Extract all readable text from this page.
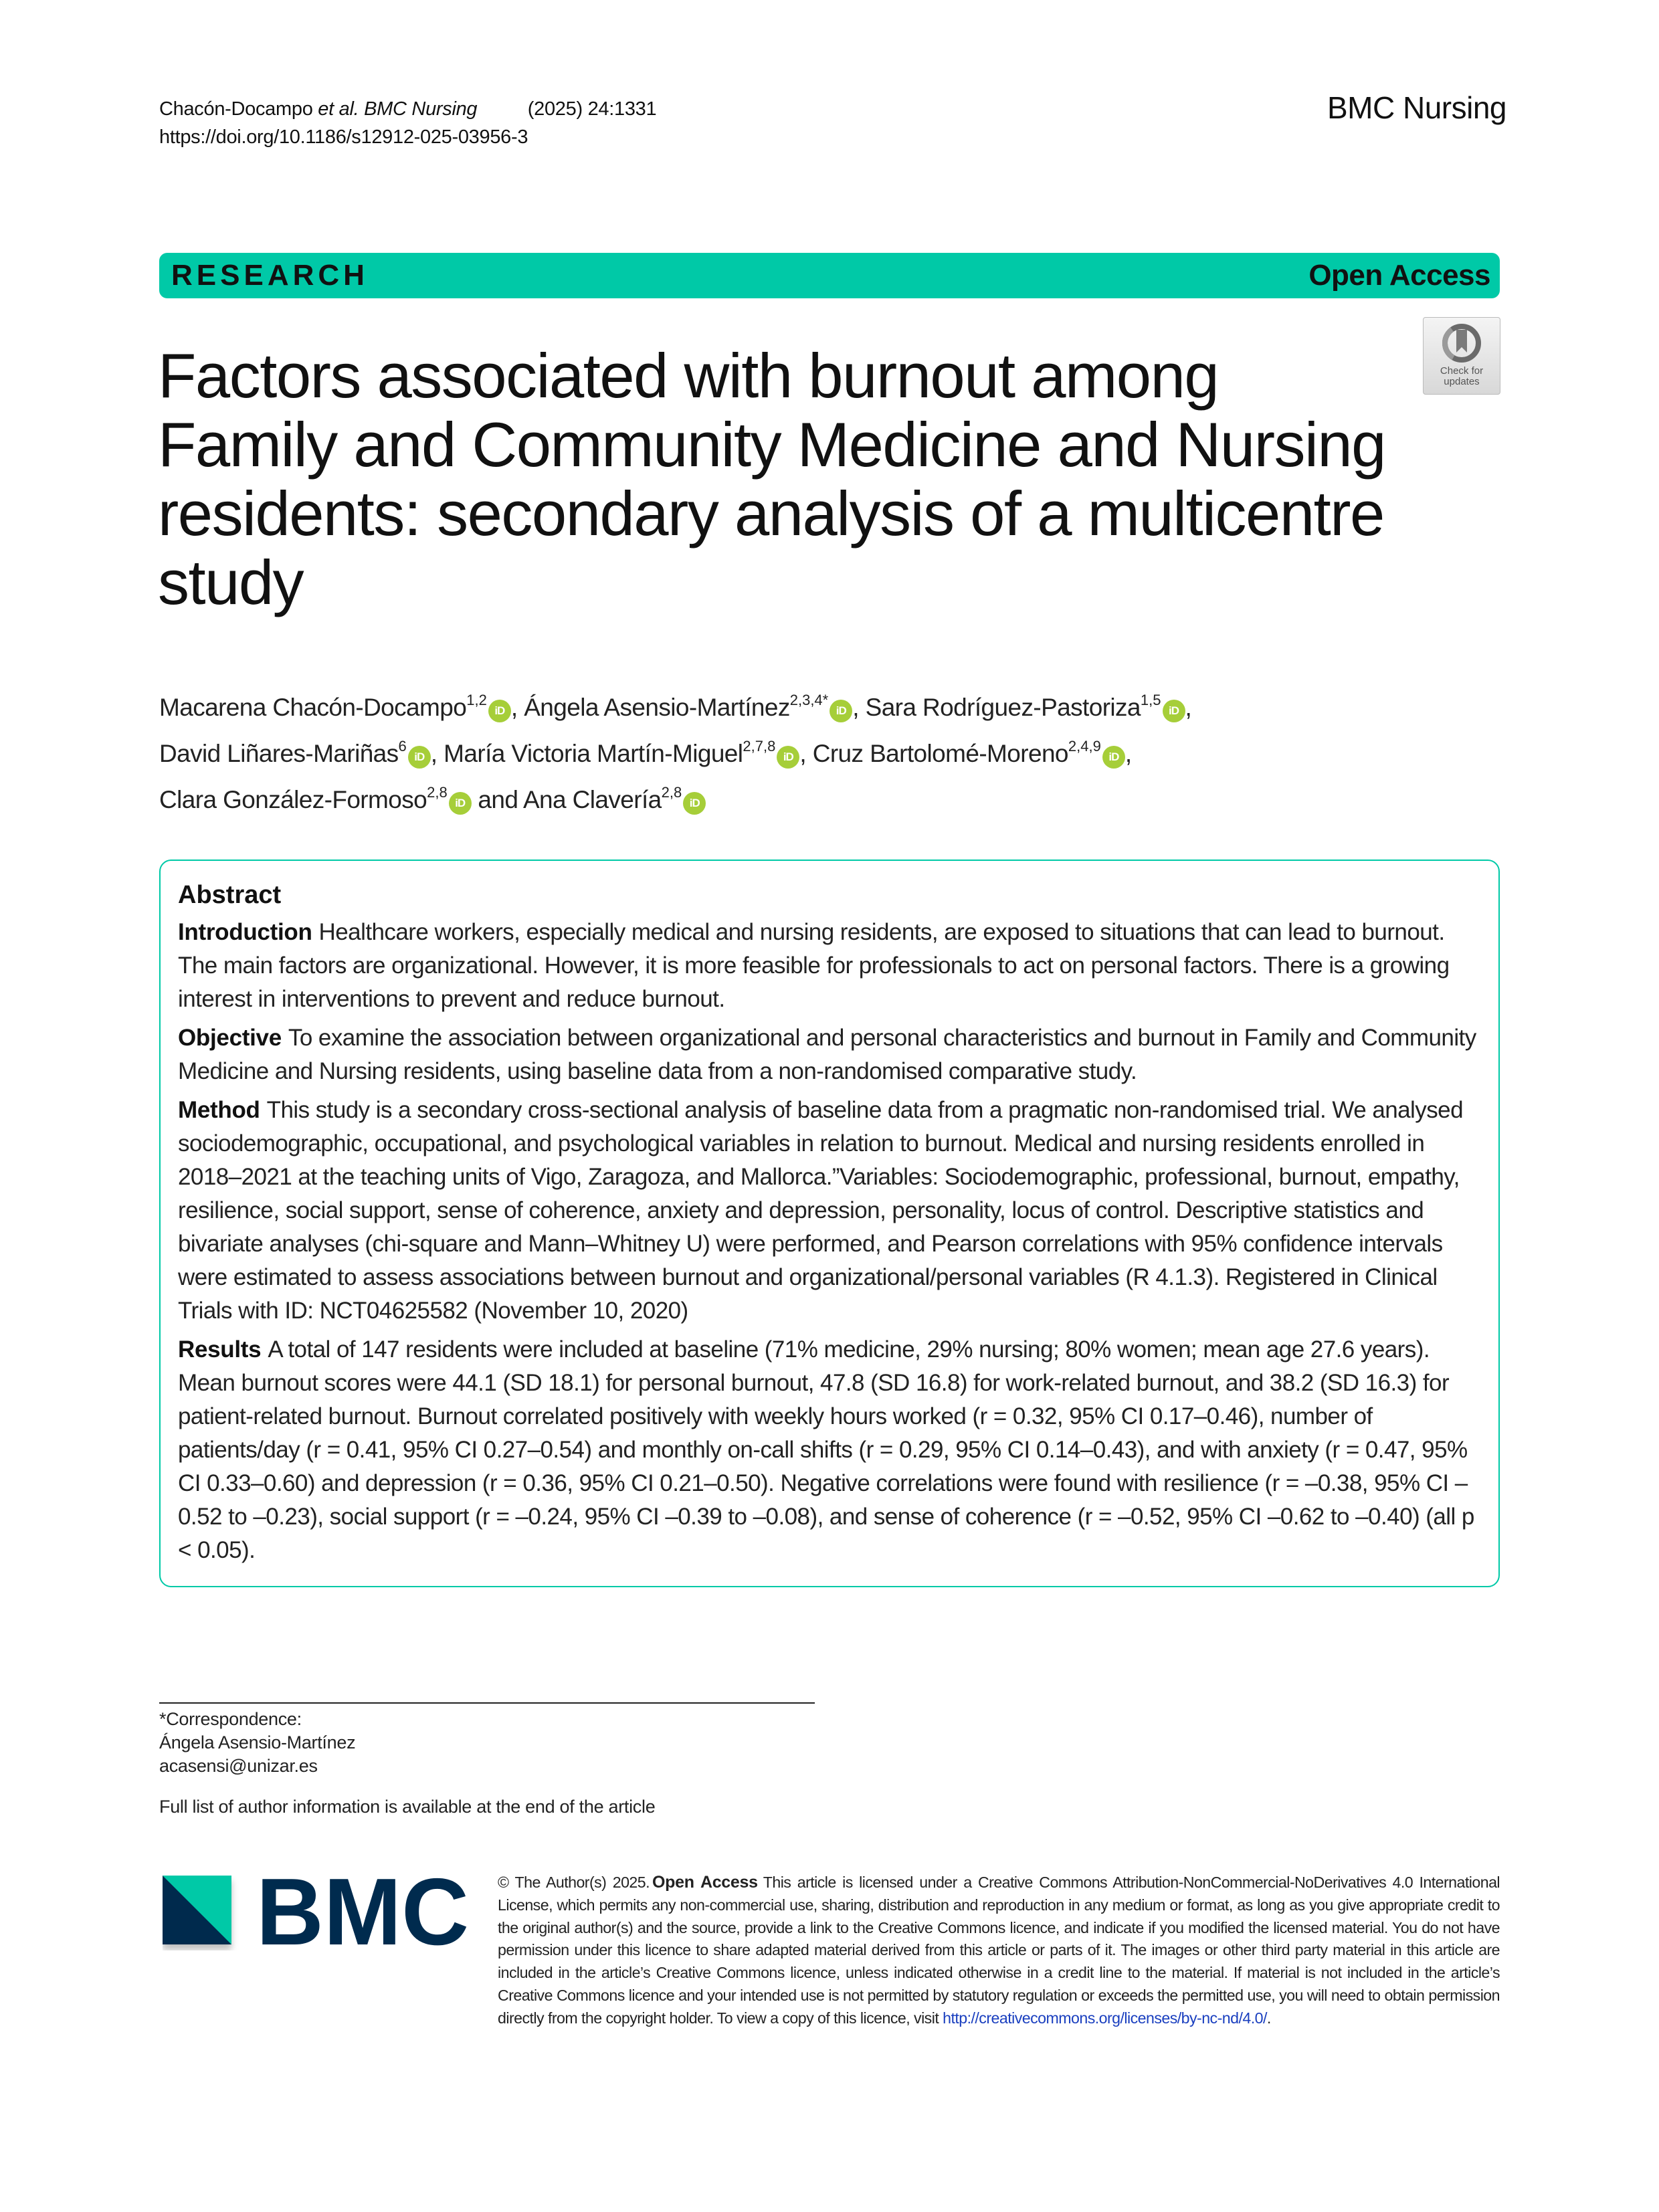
Chacón-Docampo et al. BMC Nursing	(2025) 24:1331
https://doi.org/10.1186/s12912-025-03956-3
BMC Nursing
RESEARCH	Open Access
Check for
updates
Factors associated with burnout among
Family and Community Medicine and Nursing
residents: secondary analysis of a multicentre
study
Macarena Chacón-Docampo$^{1,2}$iD , Ángela Asensio-Martínez$^{2,3,4*}$iD , Sara Rodríguez-Pastoriza$^{1,5}$iD ,
David Liñares-Mariñas$^6$iD , María Victoria Martín-Miguel$^{2,7,8}$iD , Cruz Bartolomé-Moreno$^{2,4,9}$iD ,
Clara González-Formoso$^{2,8}$iD and Ana Clavería$^{2,8}$iD
Abstract
Introduction Healthcare workers, especially medical and nursing residents, are exposed to situations that can lead to burnout. The main factors are organizational. However, it is more feasible for professionals to act on personal factors. There is a growing interest in interventions to prevent and reduce burnout.
Objective To examine the association between organizational and personal characteristics and burnout in Family and Community Medicine and Nursing residents, using baseline data from a non-randomised comparative study.
Method This study is a secondary cross-sectional analysis of baseline data from a pragmatic non-randomised trial. We analysed sociodemographic, occupational, and psychological variables in relation to burnout. Medical and nursing residents enrolled in 2018–2021 at the teaching units of Vigo, Zaragoza, and Mallorca.”Variables: Sociodemographic, professional, burnout, empathy, resilience, social support, sense of coherence, anxiety and depression, personality, locus of control. Descriptive statistics and bivariate analyses (chi-square and Mann–Whitney U) were performed, and Pearson correlations with 95% confidence intervals were estimated to assess associations between burnout and organizational/personal variables (R 4.1.3). Registered in Clinical Trials with ID: NCT04625582 (November 10, 2020)
Results A total of 147 residents were included at baseline (71% medicine, 29% nursing; 80% women; mean age 27.6 years). Mean burnout scores were 44.1 (SD 18.1) for personal burnout, 47.8 (SD 16.8) for work-related burnout, and 38.2 (SD 16.3) for patient-related burnout. Burnout correlated positively with weekly hours worked (r = 0.32, 95% CI 0.17–0.46), number of patients/day (r = 0.41, 95% CI 0.27–0.54) and monthly on-call shifts (r = 0.29, 95% CI 0.14–0.43), and with anxiety (r = 0.47, 95% CI 0.33–0.60) and depression (r = 0.36, 95% CI 0.21–0.50). Negative correlations were found with resilience (r = –0.38, 95% CI –0.52 to –0.23), social support (r = –0.24, 95% CI –0.39 to –0.08), and sense of coherence (r = –0.52, 95% CI –0.62 to –0.40) (all p < 0.05).
*Correspondence:
Ángela Asensio-Martínez
acasensi@unizar.es
Full list of author information is available at the end of the article
BMC © The Author(s) 2025. Open Access This article is licensed under a Creative Commons Attribution-NonCommercial-NoDerivatives 4.0 International License, which permits any non-commercial use, sharing, distribution and reproduction in any medium or format, as long as you give appropriate credit to the original author(s) and the source, provide a link to the Creative Commons licence, and indicate if you modified the licensed material. You do not have permission under this licence to share adapted material derived from this article or parts of it. The images or other third party material in this article are included in the article’s Creative Commons licence, unless indicated otherwise in a credit line to the material. If material is not included in the article’s Creative Commons licence and your intended use is not permitted by statutory regulation or exceeds the permitted use, you will need to obtain permission directly from the copyright holder. To view a copy of this licence, visit http://creativecommons.org/licenses/by-nc-nd/4.0/.
